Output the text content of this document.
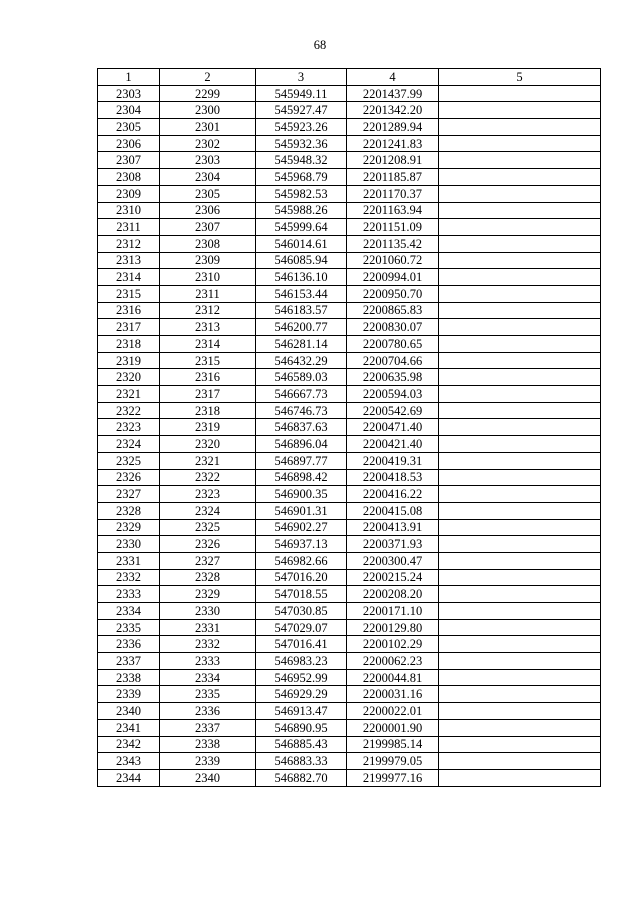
68
1	2	3	4	5
2303	2299	545949.11	2201437.99	
2304	2300	545927.47	2201342.20	
2305	2301	545923.26	2201289.94	
2306	2302	545932.36	2201241.83	
2307	2303	545948.32	2201208.91	
2308	2304	545968.79	2201185.87	
2309	2305	545982.53	2201170.37	
2310	2306	545988.26	2201163.94	
2311	2307	545999.64	2201151.09	
2312	2308	546014.61	2201135.42	
2313	2309	546085.94	2201060.72	
2314	2310	546136.10	2200994.01	
2315	2311	546153.44	2200950.70	
2316	2312	546183.57	2200865.83	
2317	2313	546200.77	2200830.07	
2318	2314	546281.14	2200780.65	
2319	2315	546432.29	2200704.66	
2320	2316	546589.03	2200635.98	
2321	2317	546667.73	2200594.03	
2322	2318	546746.73	2200542.69	
2323	2319	546837.63	2200471.40	
2324	2320	546896.04	2200421.40	
2325	2321	546897.77	2200419.31	
2326	2322	546898.42	2200418.53	
2327	2323	546900.35	2200416.22	
2328	2324	546901.31	2200415.08	
2329	2325	546902.27	2200413.91	
2330	2326	546937.13	2200371.93	
2331	2327	546982.66	2200300.47	
2332	2328	547016.20	2200215.24	
2333	2329	547018.55	2200208.20	
2334	2330	547030.85	2200171.10	
2335	2331	547029.07	2200129.80	
2336	2332	547016.41	2200102.29	
2337	2333	546983.23	2200062.23	
2338	2334	546952.99	2200044.81	
2339	2335	546929.29	2200031.16	
2340	2336	546913.47	2200022.01	
2341	2337	546890.95	2200001.90	
2342	2338	546885.43	2199985.14	
2343	2339	546883.33	2199979.05	
2344	2340	546882.70	2199977.16	
